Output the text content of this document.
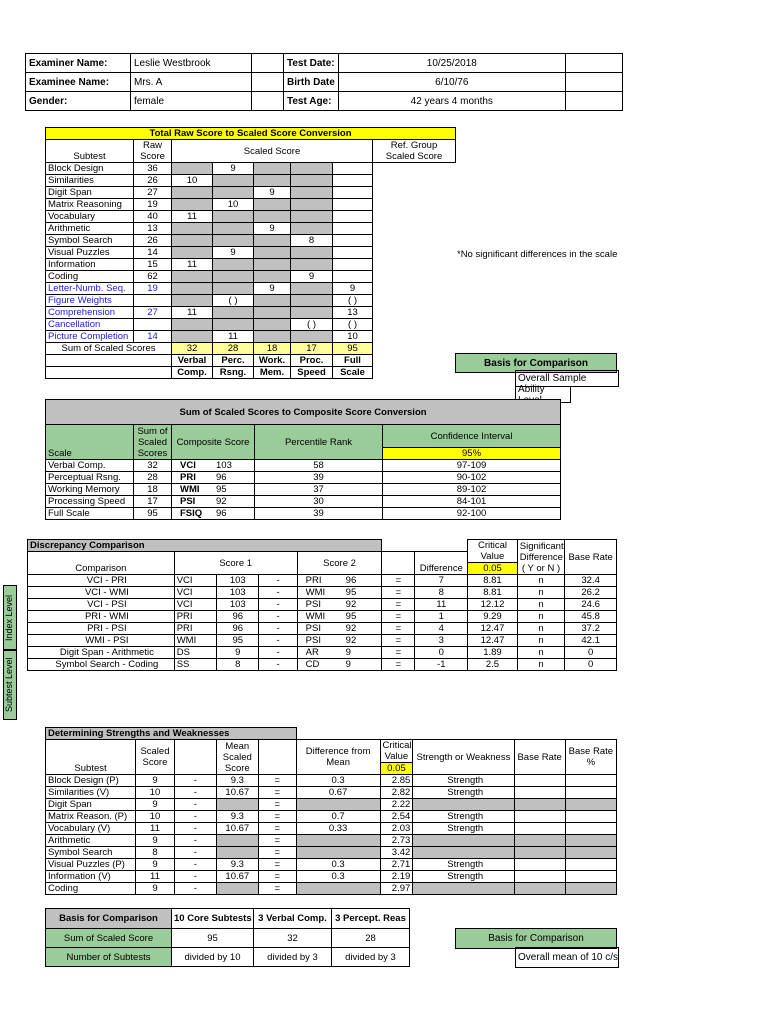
Examiner Name:	Leslie Westbrook		Test Date:	10/25/2018	
Examinee Name:	Mrs. A		Birth Date	6/10/76	
Gender:	female		Test Age:	42 years 4 months	
Total Raw Score to Scaled Score Conversion							
Subtest	Raw Score	Scaled Score					Ref. Group Scaled Score
Block Design	36		9				
Similarities	26	10					
Digit Span	27			9			
Matrix Reasoning	19		10				
Vocabulary	40	11					
Arithmetic	13			9			
Symbol Search	26				8		
Visual Puzzles	14		9				
Information	15	11					
Coding	62				9		
Letter-Numb. Seq.	19			9		9	
Figure Weights			( )			( )	
Comprehension	27	11				13	
Cancellation					( )	( )	
Picture Completion	14		11			10	
Sum of Scaled Scores		32	28	18	17	95	
		Verbal	Perc.	Work.	Proc.	Full	
		Comp.	Rsng.	Mem.	Speed	Scale	
*No significant differences in the scale
Basis for Comparison
Overall Sample
Ability
Sum of Scaled Scores to Composite Score Conversion				
Scale	Sum of Scaled Scores	Composite Score	Percentile Rank	Confidence Interval
				95%
Verbal Comp.	32	VCI 103	58	97-109
Perceptual Rsng.	28	PRI 96	39	90-102
Working Memory	18	WMI 95	37	89-102
Processing Speed	17	PSI 92	30	84-101
Full Scale	95	FSIQ 96	39	92-100
Index Level
Subtest Level
Discrepancy Comparison							Critical Value	Significant Difference ( Y or N )	Base Rate
Comparison	Score 1			Score 2		Difference			
							0.05		
VCI - PRI	VCI	103	-	PRI 96	=	7	8.81	n	32.4
VCI - WMI	VCI	103	-	WMI 95	=	8	8.81	n	26.2
VCI - PSI	VCI	103	-	PSI 92	=	11	12.12	n	24.6
PRI - WMI	PRI	96	-	WMI 95	=	1	9.29	n	45.8
PRI - PSI	PRI	96	-	PSI 92	=	4	12.47	n	37.2
WMI - PSI	WMI	95	-	PSI 92	=	3	12.47	n	42.1
Digit Span - Arithmetic	DS	9	-	AR 9	=	0	1.89	n	0
Symbol Search - Coding	SS	8	-	CD 9	=	-1	2.5	n	0
Determining Strengths and Weaknesses									
Subtest	Scaled Score		Mean Scaled Score		Difference from Mean	Critical Value	Strength or Weakness	Base Rate	Base Rate %

						0.05			
Block Design (P)	9	-	9.3	=	0.3	2.85	Strength		
Similarities (V)	10	-	10.67	=	0.67	2.82	Strength		
Digit Span	9	-		=		2.22			
Matrix Reason. (P)	10	-	9.3	=	0.7	2.54	Strength		
Vocabulary (V)	11	-	10.67	=	0.33	2.03	Strength		
Arithmetic	9	-		=		2.73			
Symbol Search	8	-		=		3.42			
Visual Puzzles (P)	9	-	9.3	=	0.3	2.71	Strength		
Information (V)	11	-	10.67	=	0.3	2.19	Strength		
Coding	9	-		=		2.97			
Basis for Comparison	10 Core Subtests	3 Verbal Comp.	3 Percept. Reas
Sum of Scaled Score	95	32	28
Number of Subtests	divided by 10	divided by 3	divided by 3
Basis for Comparison
Overall mean of 10 c/s
